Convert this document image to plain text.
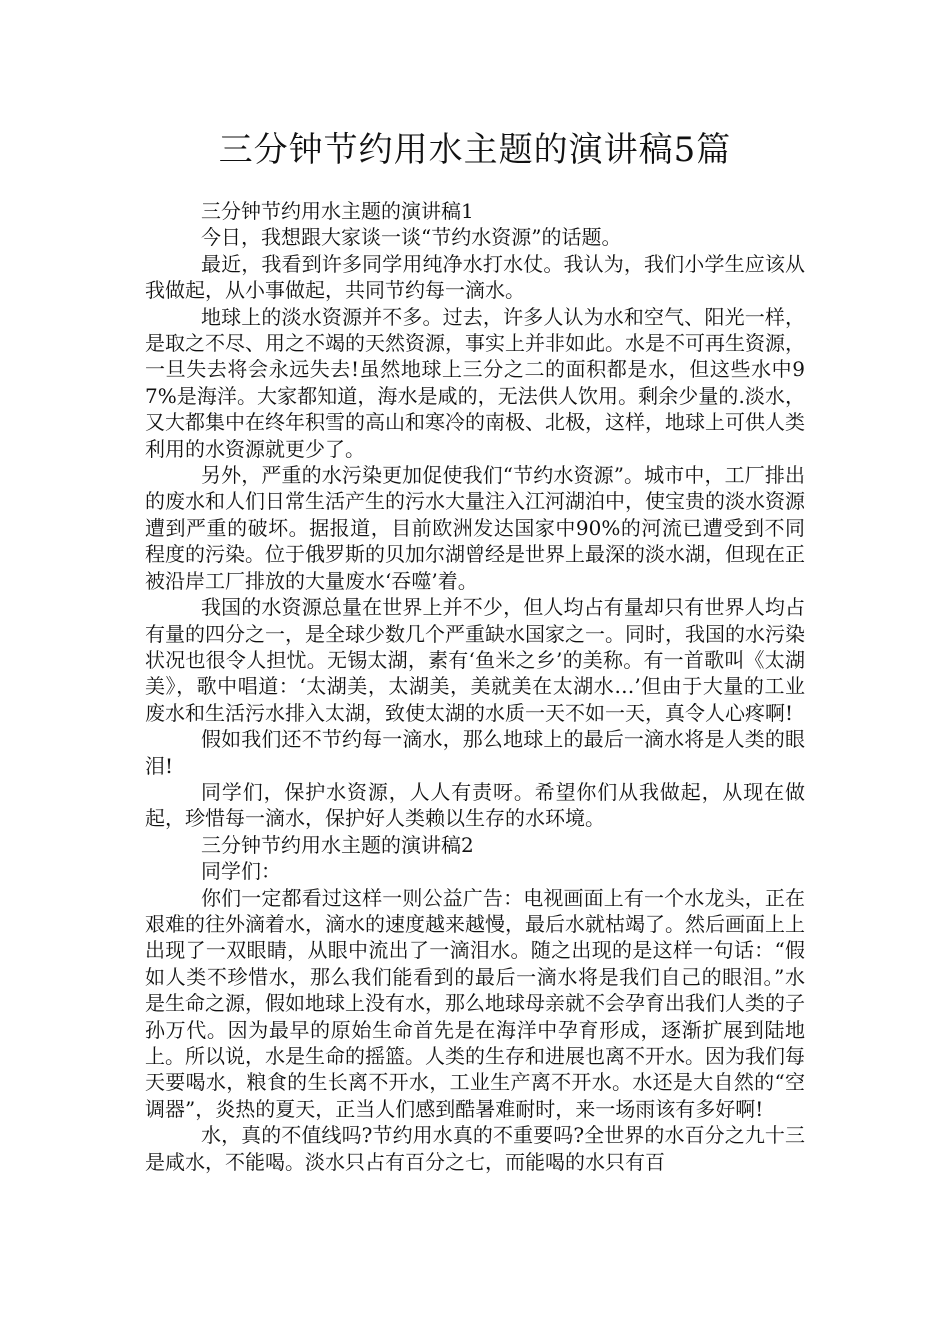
三分钟节约用水主题的演讲稿5篇

三分钟节约用水主题的演讲稿1

今日，我想跟大家谈一谈“节约水资源”的话题。

最近，我看到许多同学用纯净水打水仗。我认为，我们小学生应该从我做起，从小事做起，共同节约每一滴水。

地球上的淡水资源并不多。过去，许多人认为水和空气、阳光一样，是取之不尽、用之不竭的天然资源，事实上并非如此。水是不可再生资源，一旦失去将会永远失去!虽然地球上三分之二的面积都是水，但这些水中97%是海洋。大家都知道，海水是咸的，无法供人饮用。剩余少量的.淡水，又大都集中在终年积雪的高山和寒冷的南极、北极，这样，地球上可供人类利用的水资源就更少了。

另外，严重的水污染更加促使我们“节约水资源”。城市中，工厂排出的废水和人们日常生活产生的污水大量注入江河湖泊中，使宝贵的淡水资源遭到严重的破坏。据报道，目前欧洲发达国家中90%的河流已遭受到不同程度的污染。位于俄罗斯的贝加尔湖曾经是世界上最深的淡水湖，但现在正被沿岸工厂排放的大量废水‘吞噬’着。

我国的水资源总量在世界上并不少，但人均占有量却只有世界人均占有量的四分之一，是全球少数几个严重缺水国家之一。同时，我国的水污染状况也很令人担忧。无锡太湖，素有‘鱼米之乡’的美称。有一首歌叫《太湖美》，歌中唱道：‘太湖美，太湖美，美就美在太湖水…’但由于大量的工业废水和生活污水排入太湖，致使太湖的水质一天不如一天，真令人心疼啊!

假如我们还不节约每一滴水，那么地球上的最后一滴水将是人类的眼泪!

同学们，保护水资源，人人有责呀。希望你们从我做起，从现在做起，珍惜每一滴水，保护好人类赖以生存的水环境。

三分钟节约用水主题的演讲稿2

同学们：

你们一定都看过这样一则公益广告：电视画面上有一个水龙头，正在艰难的往外滴着水，滴水的速度越来越慢，最后水就枯竭了。然后画面上上出现了一双眼睛，从眼中流出了一滴泪水。随之出现的是这样一句话：“假如人类不珍惜水，那么我们能看到的最后一滴水将是我们自己的眼泪。”水是生命之源，假如地球上没有水，那么地球母亲就不会孕育出我们人类的子孙万代。因为最早的原始生命首先是在海洋中孕育形成，逐渐扩展到陆地上。所以说，水是生命的摇篮。人类的生存和进展也离不开水。因为我们每天要喝水，粮食的生长离不开水，工业生产离不开水。水还是大自然的“空调器”，炎热的夏天，正当人们感到酷暑难耐时，来一场雨该有多好啊!

水，真的不值线吗?节约用水真的不重要吗?全世界的水百分之九十三是咸水，不能喝。淡水只占有百分之七，而能喝的水只有百
